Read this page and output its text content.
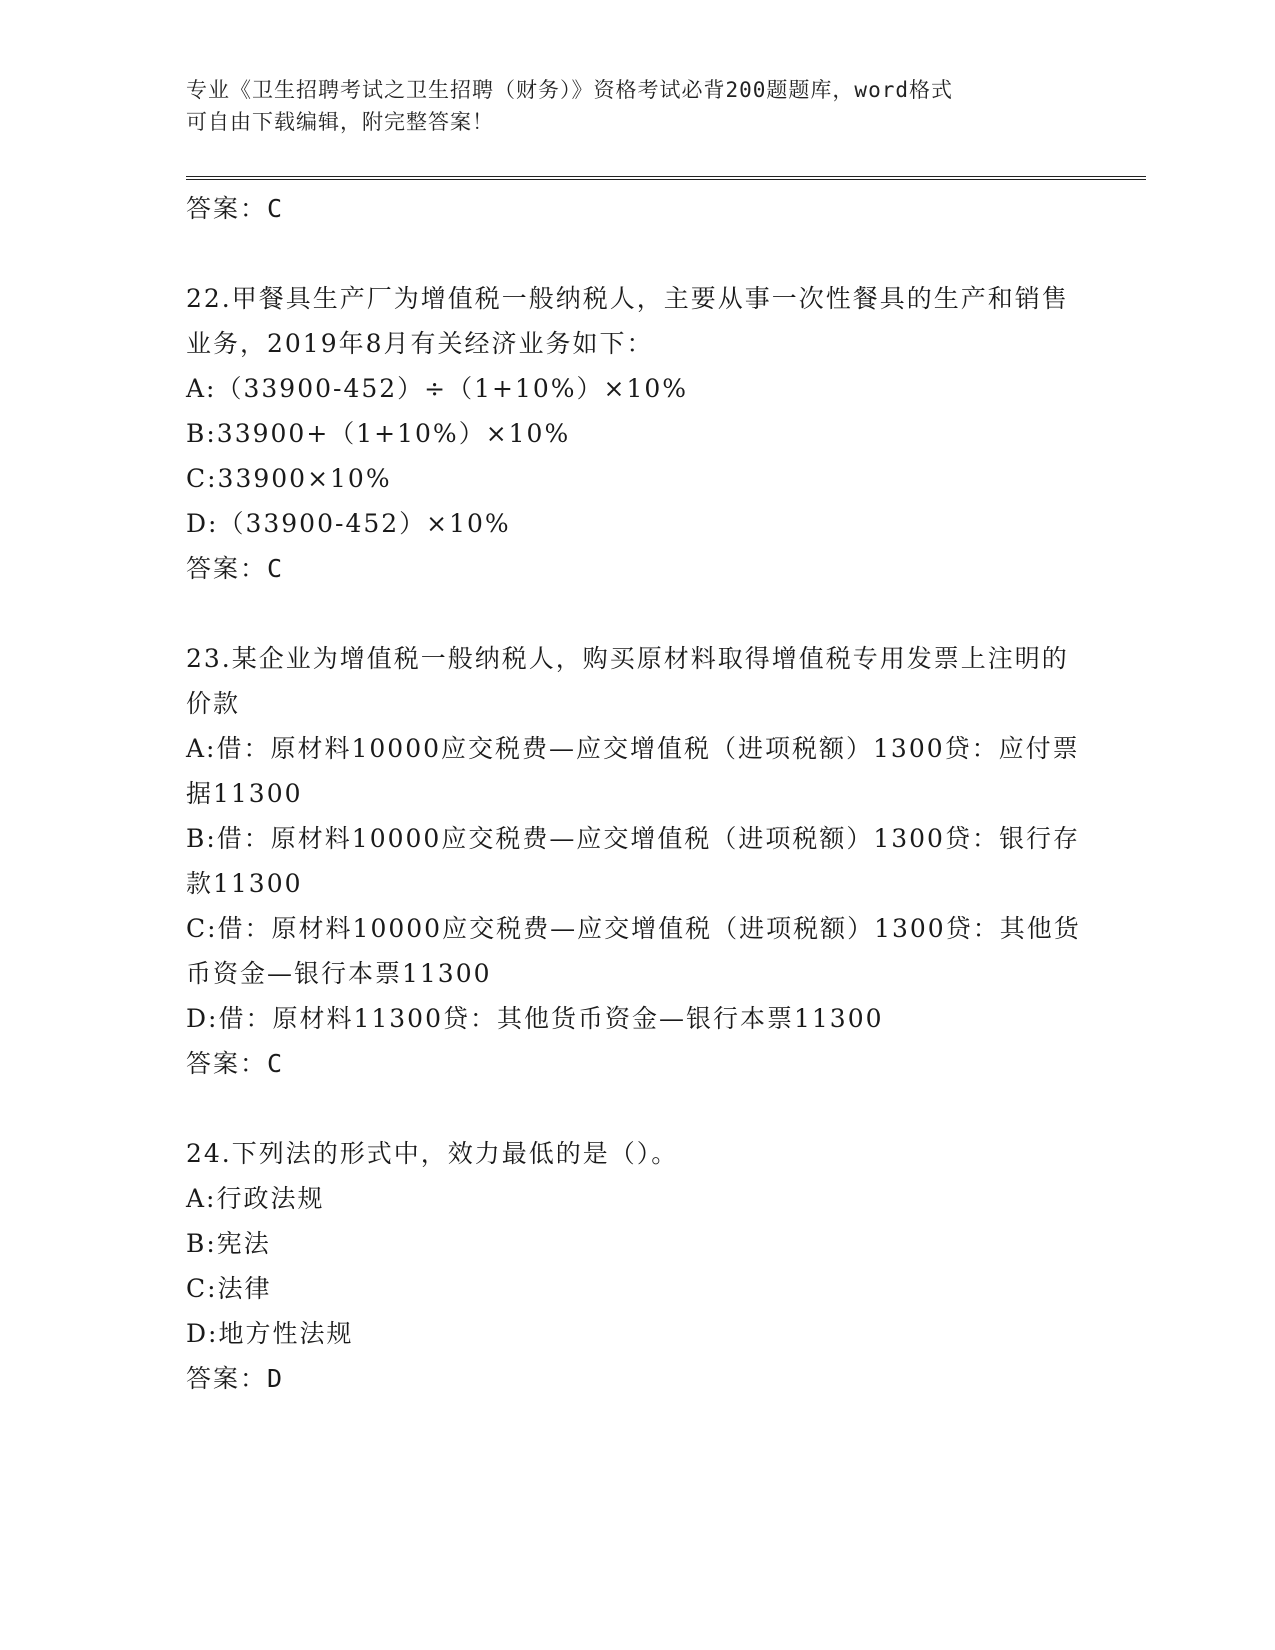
专业《卫生招聘考试之卫生招聘（财务）》资格考试必背200题题库，word格式
可自由下载编辑，附完整答案！
答案：C
22.甲餐具生产厂为增值税一般纳税人，主要从事一次性餐具的生产和销售业务，2019年8月有关经济业务如下：
A:（33900-452）÷（1+10%）×10%
B:33900+（1+10%）×10%
C:33900×10%
D:（33900-452）×10%
答案：C
23.某企业为增值税一般纳税人，购买原材料取得增值税专用发票上注明的价款
A:借：原材料10000应交税费—应交增值税（进项税额）1300贷：应付票据11300
B:借：原材料10000应交税费—应交增值税（进项税额）1300贷：银行存款11300
C:借：原材料10000应交税费—应交增值税（进项税额）1300贷：其他货币资金—银行本票11300
D:借：原材料11300贷：其他货币资金—银行本票11300
答案：C
24.下列法的形式中，效力最低的是（）。
A:行政法规
B:宪法
C:法律
D:地方性法规
答案：D
